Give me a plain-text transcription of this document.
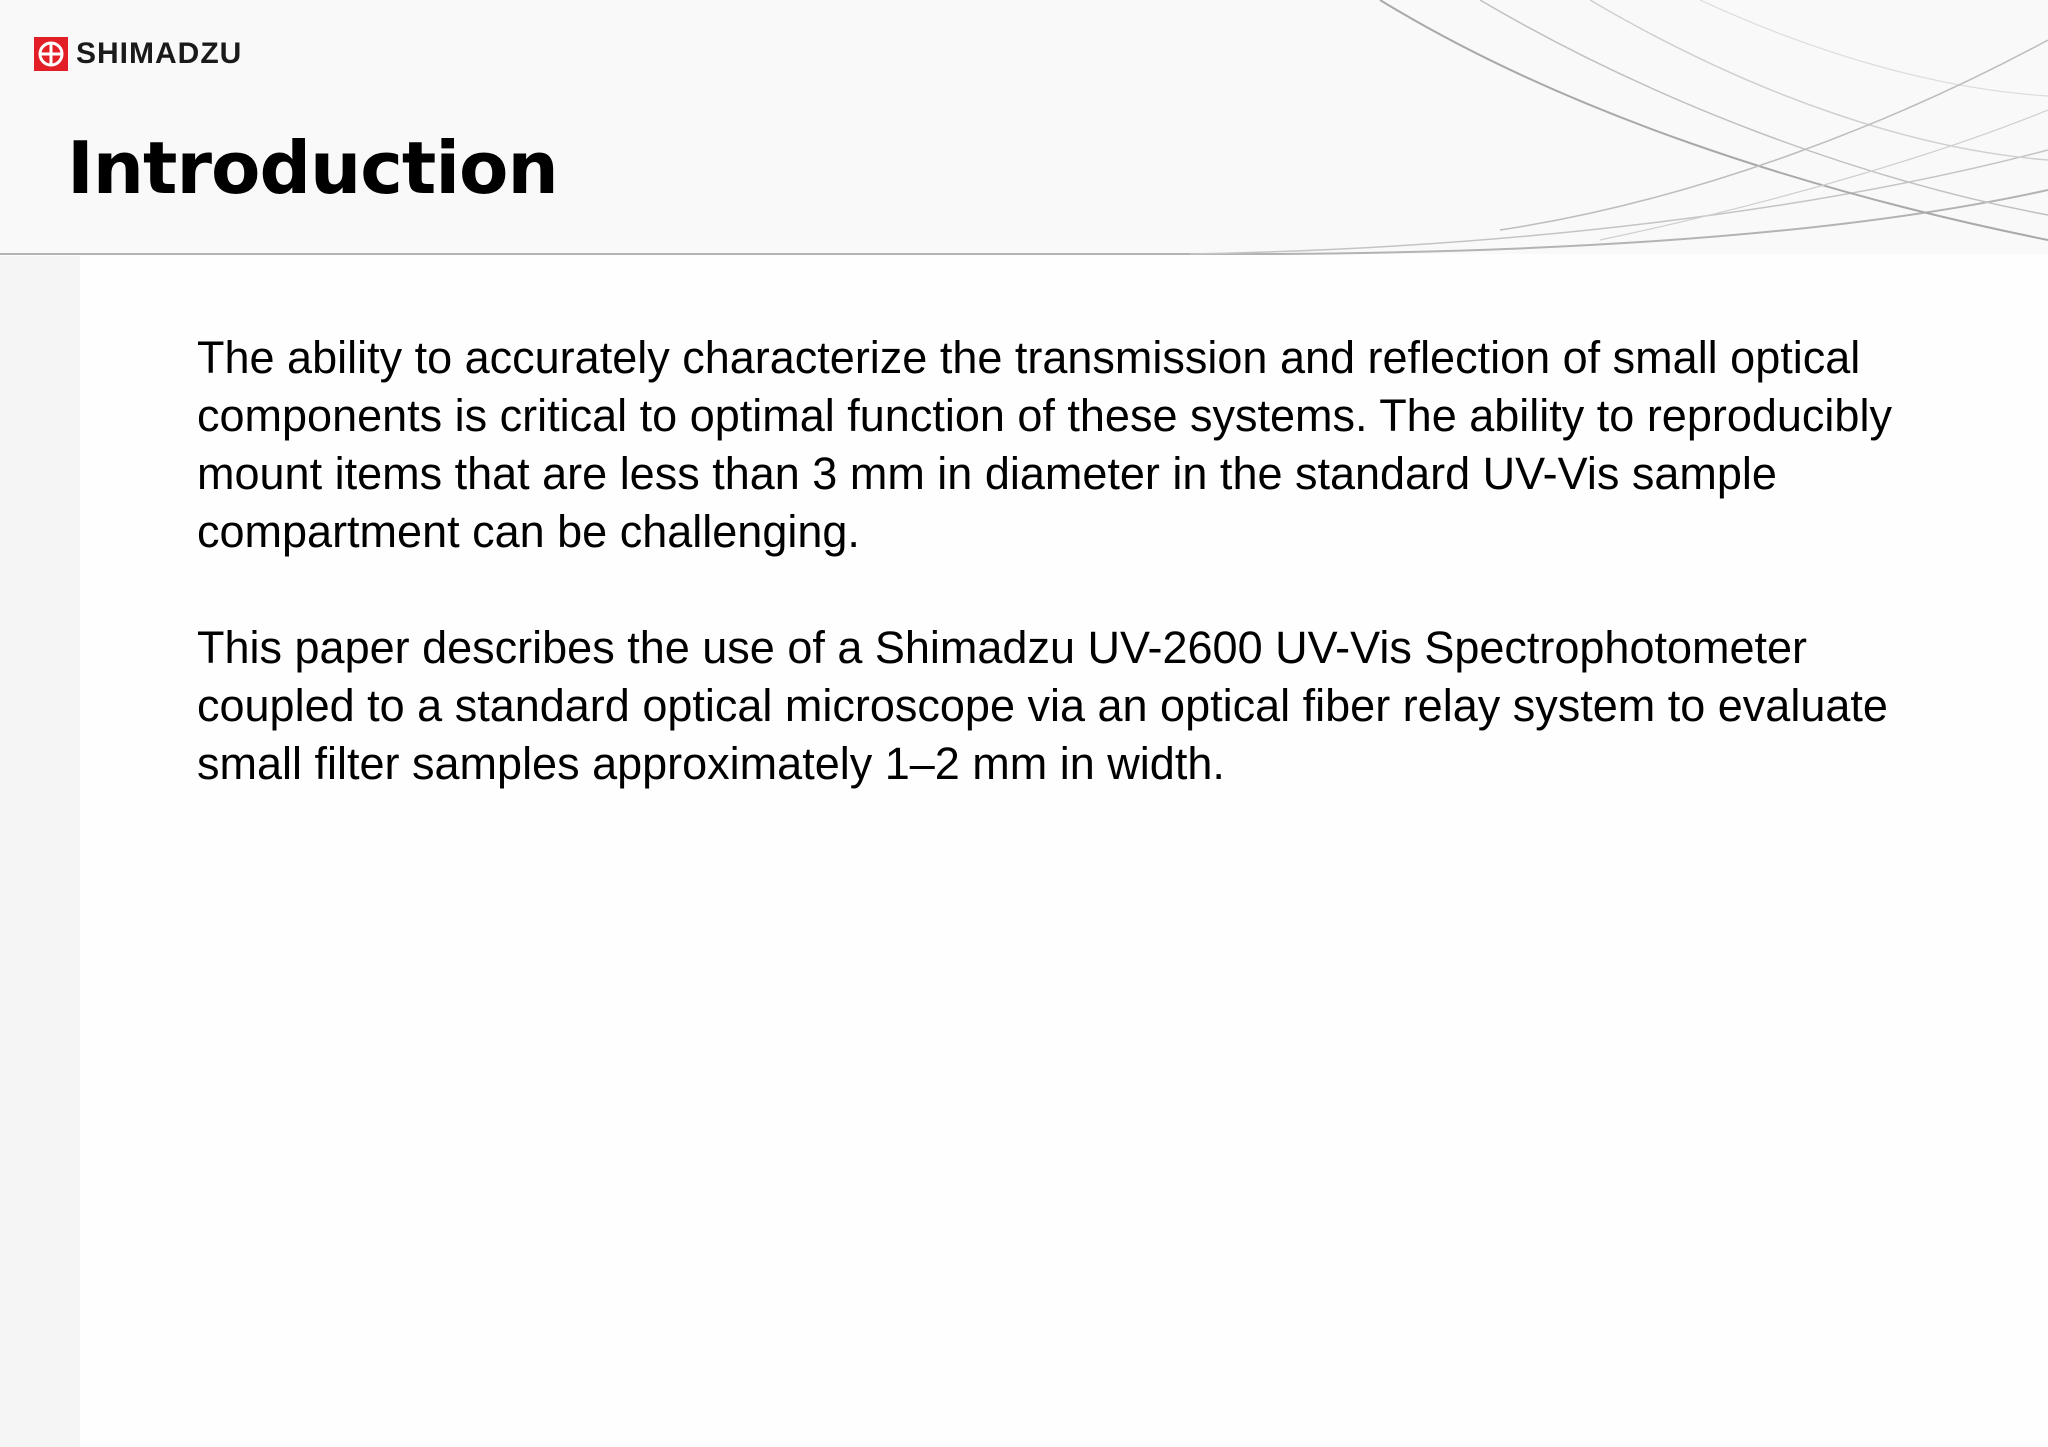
SHIMADZU
Introduction

The ability to accurately characterize the transmission and reflection of small optical components is critical to optimal function of these systems. The ability to reproducibly mount items that are less than 3 mm in diameter in the standard UV-Vis sample compartment can be challenging.

This paper describes the use of a Shimadzu UV-2600 UV-Vis Spectrophotometer coupled to a standard optical microscope via an optical fiber relay system to evaluate small filter samples approximately 1–2 mm in width.
